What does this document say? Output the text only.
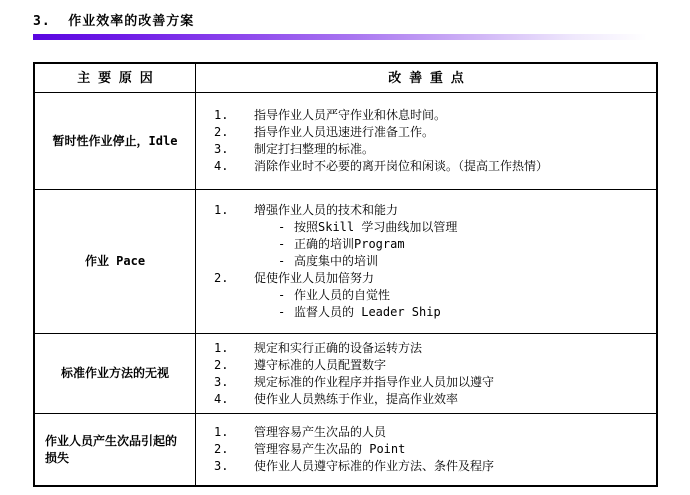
3.  作业效率的改善方案
主 要 原 因	改 善 重 点
暂时性作业停止，Idle
1.	指导作业人员严守作业和休息时间。
2.	指导作业人员迅速进行准备工作。
3.	制定打扫整理的标准。
4.	消除作业时不必要的离开岗位和闲谈。（提高工作热情）
作业 Pace
1.	增强作业人员的技术和能力
- 按照Skill 学习曲线加以管理
- 正确的培训Program
- 高度集中的培训
2.	促使作业人员加倍努力
- 作业人员的自觉性
- 监督人员的 Leader Ship
标准作业方法的无视
1.	规定和实行正确的设备运转方法
2.	遵守标准的人员配置数字
3.	规定标准的作业程序并指导作业人员加以遵守
4.	使作业人员熟练于作业，提高作业效率
作业人员产生次品引起的损失
1.	管理容易产生次品的人员
2.	管理容易产生次品的 Point
3.	使作业人员遵守标准的作业方法、条件及程序
